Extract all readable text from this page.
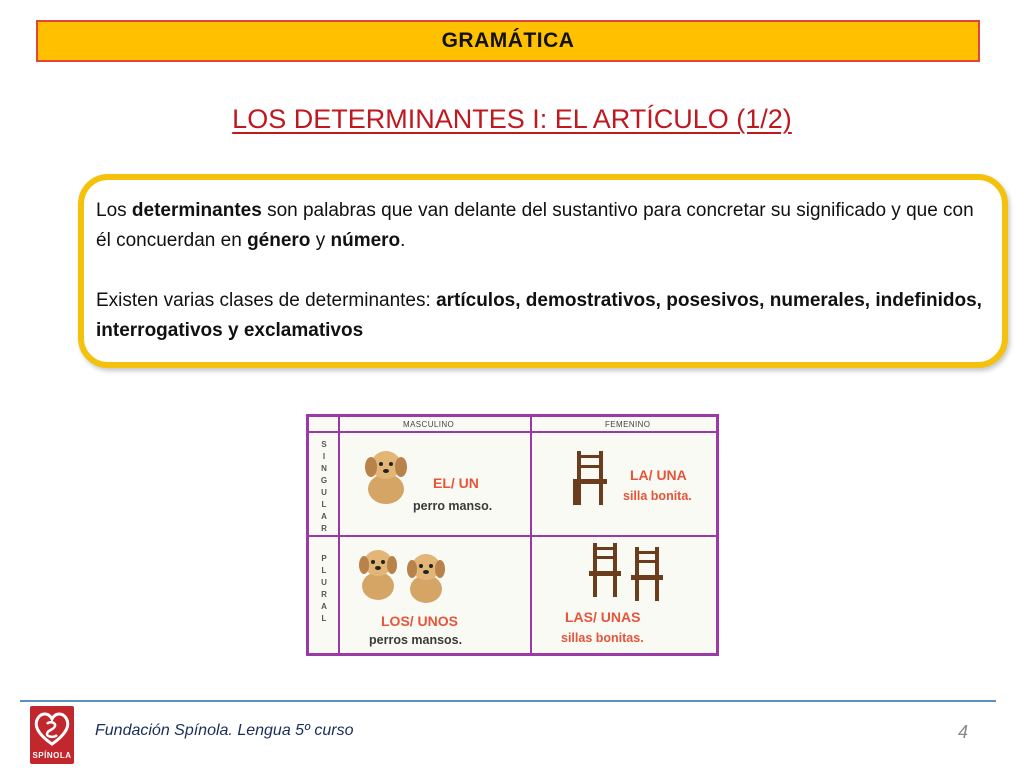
GRAMÁTICA
LOS DETERMINANTES I: EL ARTÍCULO (1/2)

Los determinantes son palabras que van delante del sustantivo para concretar su significado y que con él concuerdan en género y número.

Existen varias clases de determinantes: artículos, demostrativos, posesivos, numerales, indefinidos, interrogativos y exclamativos

MASCULINO	FEMENINO
S
I
N
G
U
L
A
R
P
L
U
R
A
L
EL/ UN
perro manso.
LA/ UNA
silla bonita.
LOS/ UNOS
perros mansos.
LAS/ UNAS
sillas bonitas.
SPÍNOLA
Fundación Spínola. Lengua 5º curso	4
